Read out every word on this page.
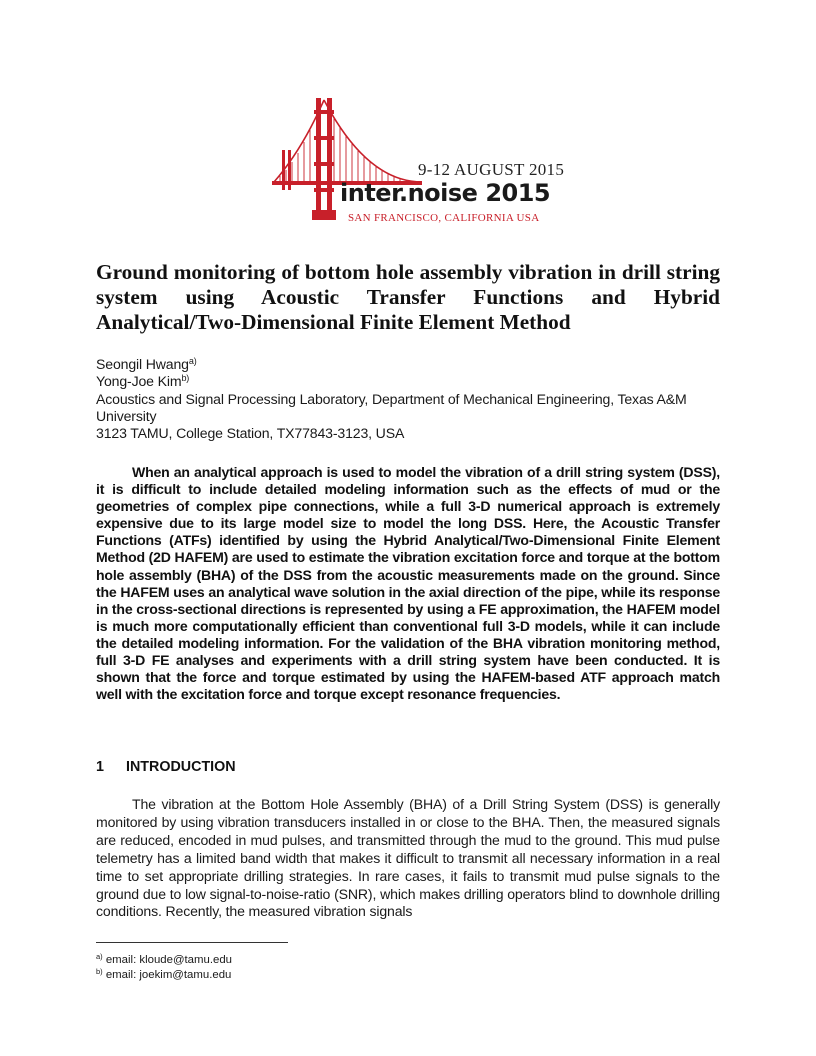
9-12 AUGUST 2015
inter.noise 2015
SAN FRANCISCO, CALIFORNIA USA
Ground monitoring of bottom hole assembly vibration in drill string system using Acoustic Transfer Functions and Hybrid Analytical/Two-Dimensional Finite Element Method
Seongil Hwang$^{a)}$
Yong-Joe Kim$^{b)}$
Acoustics and Signal Processing Laboratory, Department of Mechanical Engineering, Texas A&M University
3123 TAMU, College Station, TX77843-3123, USA

When an analytical approach is used to model the vibration of a drill string system (DSS), it is difficult to include detailed modeling information such as the effects of mud or the geometries of complex pipe connections, while a full 3-D numerical approach is extremely expensive due to its large model size to model the long DSS. Here, the Acoustic Transfer Functions (ATFs) identified by using the Hybrid Analytical/Two-Dimensional Finite Element Method (2D HAFEM) are used to estimate the vibration excitation force and torque at the bottom hole assembly (BHA) of the DSS from the acoustic measurements made on the ground. Since the HAFEM uses an analytical wave solution in the axial direction of the pipe, while its response in the cross-sectional directions is represented by using a FE approximation, the HAFEM model is much more computationally efficient than conventional full 3-D models, while it can include the detailed modeling information. For the validation of the BHA vibration monitoring method, full 3-D FE analyses and experiments with a drill string system have been conducted. It is shown that the force and torque estimated by using the HAFEM-based ATF approach match well with the excitation force and torque except resonance frequencies.

1 INTRODUCTION

The vibration at the Bottom Hole Assembly (BHA) of a Drill String System (DSS) is generally monitored by using vibration transducers installed in or close to the BHA. Then, the measured signals are reduced, encoded in mud pulses, and transmitted through the mud to the ground. This mud pulse telemetry has a limited band width that makes it difficult to transmit all necessary information in a real time to set appropriate drilling strategies. In rare cases, it fails to transmit mud pulse signals to the ground due to low signal-to-noise-ratio (SNR), which makes drilling operators blind to downhole drilling conditions. Recently, the measured vibration signals

$^{a)}$ email: kloude@tamu.edu
$^{b)}$ email: joekim@tamu.edu
